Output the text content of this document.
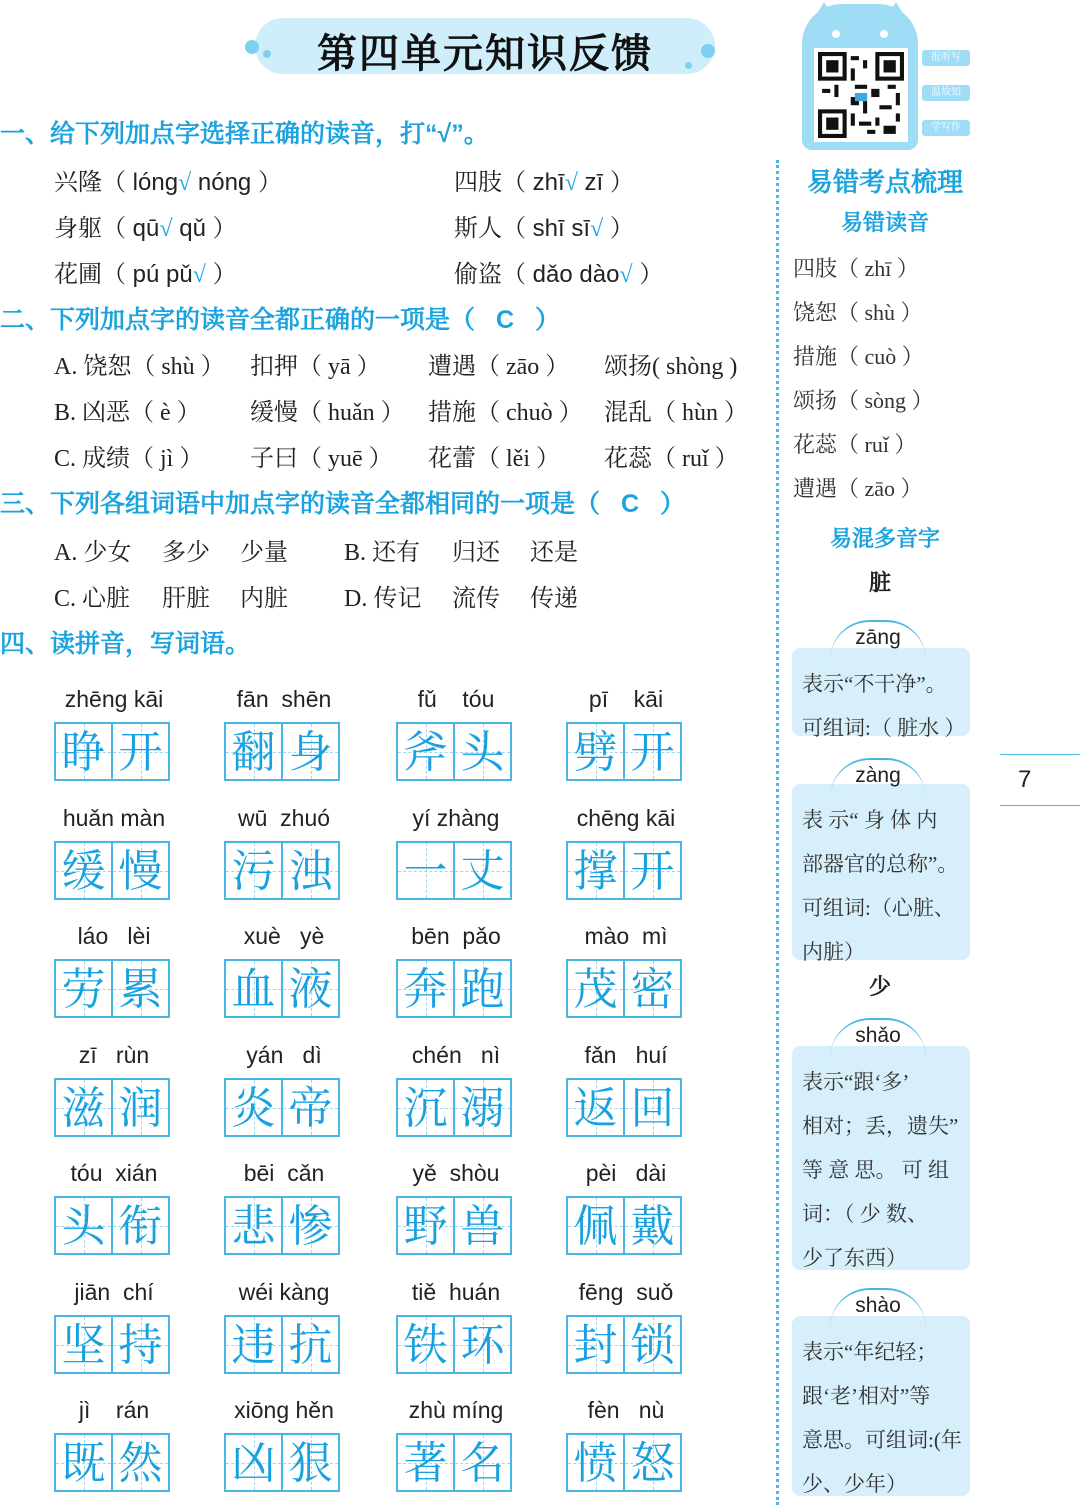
第四单元知识反馈	报听写
温故知
学写作
一、给下列加点字选择正确的读音，打“√”。
兴隆（ lóng√ nóng ）	四肢（ zhī√ zī ）
身躯（ qū√ qǔ ）	斯人（ shī sī√ ）
花圃（ pú pǔ√ ）	偷盗（ dǎo dào√ ）
二、下列加点字的读音全都正确的一项是（ C ）
A. 饶恕（ shù ） 扣押（ yā ） 遭遇（ zāo ） 颂扬( shòng )
B. 凶恶（ è ） 缓慢（ huǎn ） 措施（ chuò ） 混乱（ hùn ）
C. 成绩（ jì ） 子曰（ yuē ） 花蕾（ lěi ） 花蕊（ ruǐ ）
三、下列各组词语中加点字的读音全都相同的一项是（ C ）
A. 少女 多少 少量 B. 还有 归还 还是
C. 心脏 肝脏 内脏 D. 传记 流传 传递
四、读拼音，写词语。
zhēng kāi
睁 开
fān  shēn
翻 身
fǔ    tóu
斧 头
pī    kāi
劈 开
huǎn màn
缓 慢
wū  zhuó
污 浊
yí zhàng
一 丈
chēng kāi
撑 开
láo   lèi
劳 累
xuè   yè
血 液
bēn  pǎo
奔 跑
mào  mì
茂 密
zī   rùn
滋 润
yán   dì
炎 帝
chén   nì
沉 溺
fǎn   huí
返 回
tóu  xián
头 衔
bēi  cǎn
悲 惨
yě  shòu
野 兽
pèi   dài
佩 戴
jiān  chí
坚 持
wéi kàng
违 抗
tiě  huán
铁 环
fēng  suǒ
封 锁
jì    rán
既 然
xiōng hěn
凶 狠
zhù míng
著 名
fèn   nù
愤 怒
易错考点梳理
易错读音
四肢（ zhī ）
饶恕（ shù ）
措施（ cuò ）
颂扬（ sòng ）
花蕊（ ruǐ ）
遭遇（ zāo ）
易混多音字
脏
表示“不干净”。
可组词:（ 脏水 ）
zāng
表 示“ 身 体 内
部器官的总称”。
可组词:（心脏、
内脏）
zàng
少
表示“跟‘多’
相对；丢，遗失”
等 意 思。 可 组
词：（ 少 数、
少了东西）
shǎo
表示“年纪轻；
跟‘老’相对”等
意思。可组词:(年
少、少年）
shào
7
